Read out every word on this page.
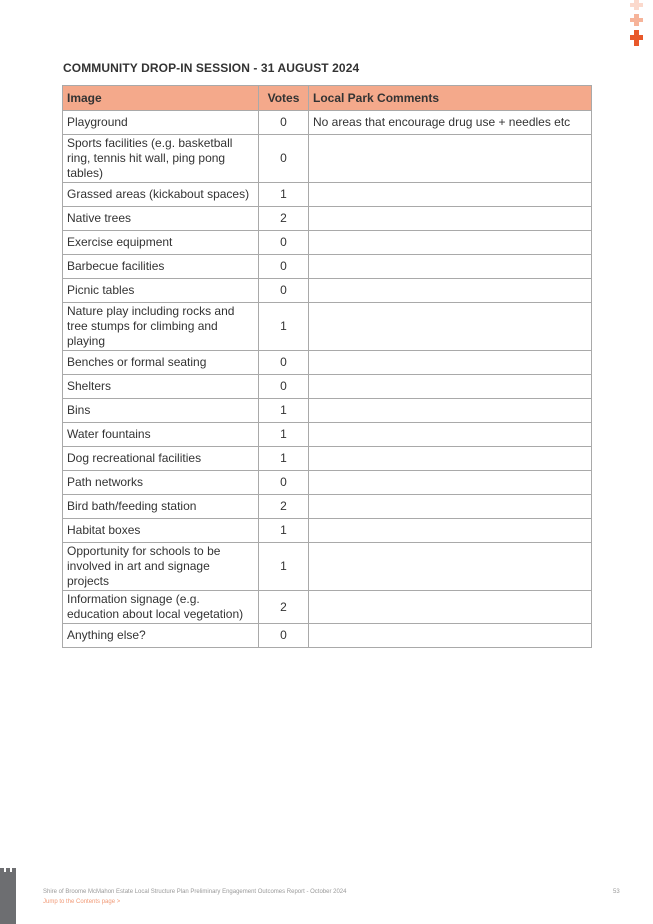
COMMUNITY DROP-IN SESSION - 31 AUGUST 2024
Image	Votes	Local Park Comments
Playground	0	No areas that encourage drug use + needles etc
Sports facilities (e.g. basketball ring, tennis hit wall, ping pong tables)	0	
Grassed areas (kickabout spaces)	1	
Native trees	2	
Exercise equipment	0	
Barbecue facilities	0	
Picnic tables	0	
Nature play including rocks and tree stumps for climbing and playing	1	
Benches or formal seating	0	
Shelters	0	
Bins	1	
Water fountains	1	
Dog recreational facilities	1	
Path networks	0	
Bird bath/feeding station	2	
Habitat boxes	1	
Opportunity for schools to be involved in art and signage projects	1	
Information signage (e.g. education about local vegetation)	2	
Anything else?	0	
Shire of Broome McMahon Estate Local Structure Plan Preliminary Engagement Outcomes Report - October 2024
Jump to the Contents page >
53
